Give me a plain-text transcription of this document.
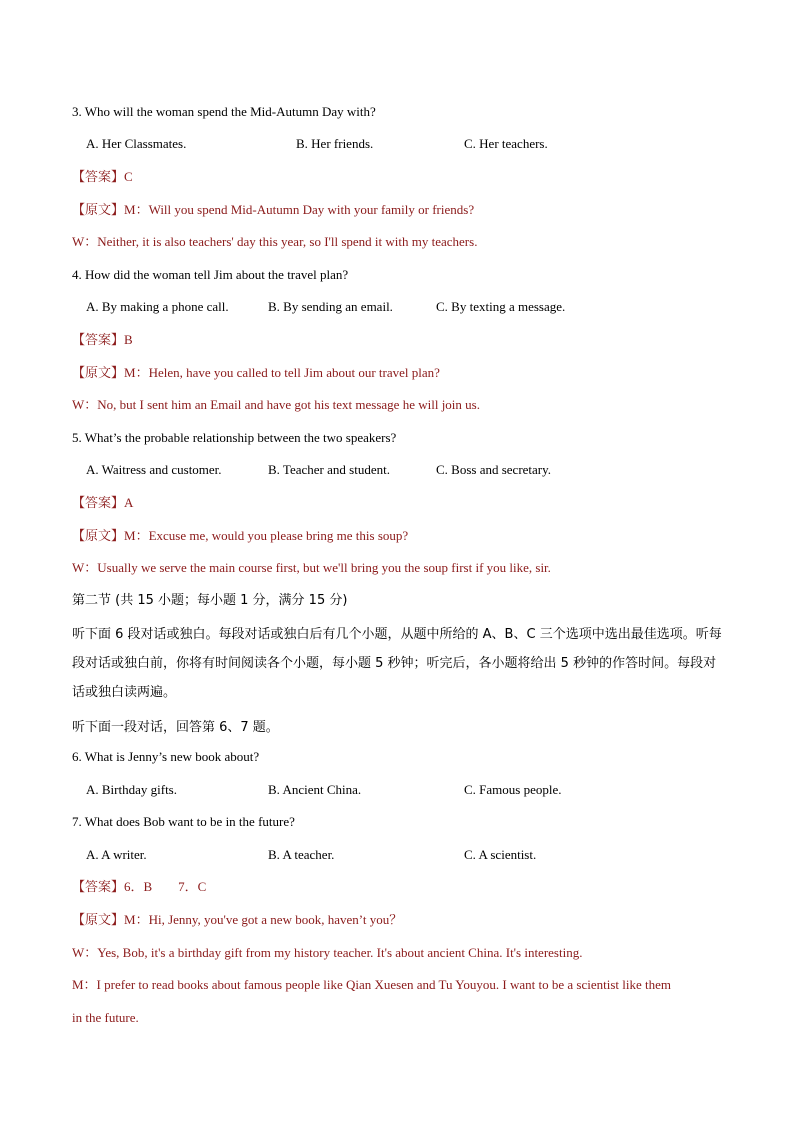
3. Who will the woman spend the Mid-Autumn Day with?
A. Her Classmates.	B. Her friends.	C. Her teachers.
【答案】C
【原文】M：Will you spend Mid-Autumn Day with your family or friends?
W：Neither, it is also teachers' day this year, so I'll spend it with my teachers.
4. How did the woman tell Jim about the travel plan?
A. By making a phone call.	B. By sending an email.	C. By texting a message.
【答案】B
【原文】M：Helen, have you called to tell Jim about our travel plan?
W：No, but I sent him an Email and have got his text message he will join us.
5. What’s the probable relationship between the two speakers?
A. Waitress and customer.	B. Teacher and student.	C. Boss and secretary.
【答案】A
【原文】M：Excuse me, would you please bring me this soup?
W：Usually we serve the main course first, but we'll bring you the soup first if you like, sir.
第二节 (共 15 小题；每小题 1 分，满分 15 分)
听下面 6 段对话或独白。每段对话或独白后有几个小题，从题中所给的 A、B、C 三个选项中选出最佳选项。听每段对话或独白前，你将有时间阅读各个小题，每小题 5 秒钟；听完后，各小题将给出 5 秒钟的作答时间。每段对话或独白读两遍。
听下面一段对话，回答第 6、7 题。
6. What is Jenny’s new book about?
A. Birthday gifts.	B. Ancient China.	C. Famous people.
7. What does Bob want to be in the future?
A. A writer.	B. A teacher.	C. A scientist.
【答案】6．B　　7．C
【原文】M：Hi, Jenny, you've got a new book, haven’t you？
W：Yes, Bob, it's a birthday gift from my history teacher. It's about ancient China. It's interesting.
M：I prefer to read books about famous people like Qian Xuesen and Tu Youyou. I want to be a scientist like them
in the future.
